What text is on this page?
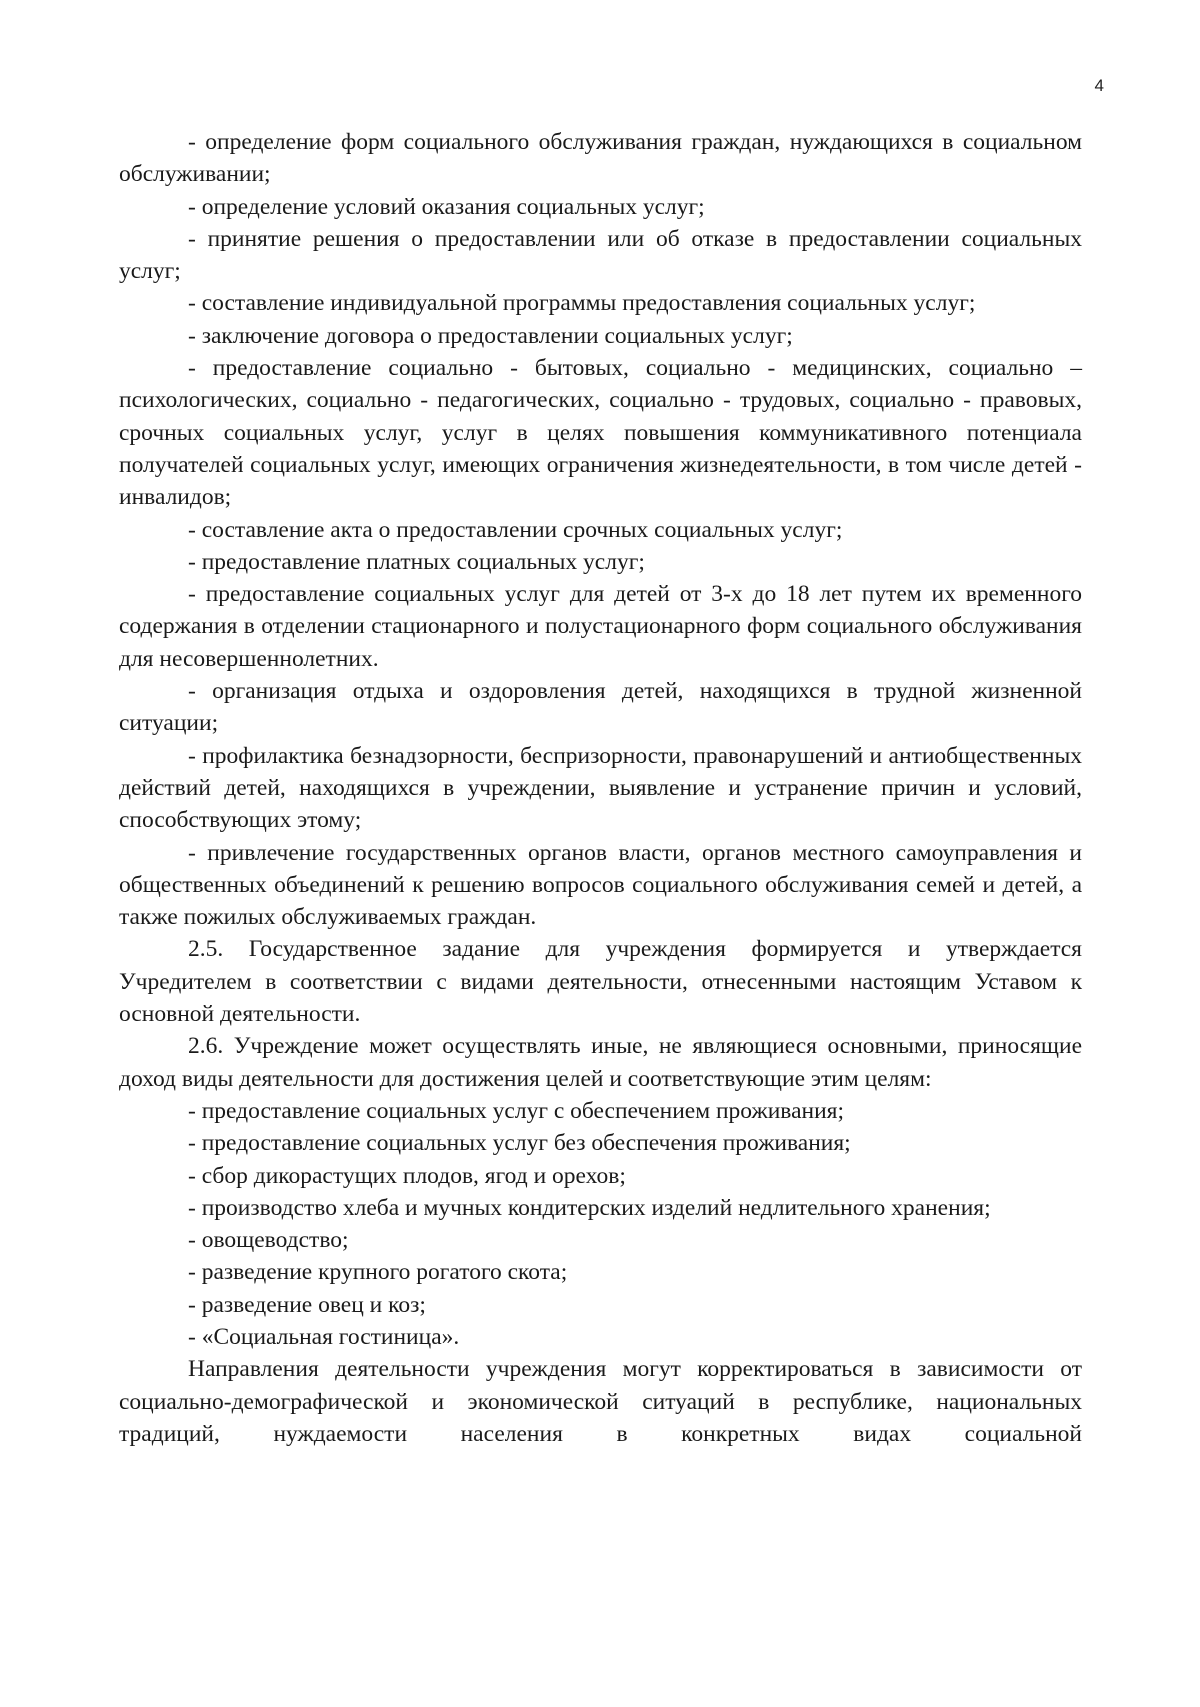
4

- определение форм социального обслуживания граждан, нуждающихся в социальном обслуживании;

- определение условий оказания социальных услуг;

- принятие решения о предоставлении или об отказе в предоставлении социальных услуг;

- составление индивидуальной программы предоставления социальных услуг;

- заключение договора о предоставлении социальных услуг;

- предоставление социально - бытовых, социально - медицинских, социально – психологических, социально - педагогических, социально - трудовых, социально - правовых, срочных социальных услуг, услуг в целях повышения коммуникативного потенциала получателей социальных услуг, имеющих ограничения жизнедеятельности, в том числе детей - инвалидов;

- составление акта о предоставлении срочных социальных услуг;

- предоставление платных социальных услуг;

- предоставление социальных услуг для детей от 3-х до 18 лет путем их временного содержания в отделении стационарного и полустационарного форм социального обслуживания для несовершеннолетних.

- организация отдыха и оздоровления детей, находящихся в трудной жизненной ситуации;

- профилактика безнадзорности, беспризорности, правонарушений и антиобщественных действий детей, находящихся в учреждении, выявление и устранение причин и условий, способствующих этому;

- привлечение государственных органов власти, органов местного самоуправления и общественных объединений к решению вопросов социального обслуживания семей и детей, а также пожилых обслуживаемых граждан.

2.5. Государственное задание для учреждения формируется и утверждается Учредителем в соответствии с видами деятельности, отнесенными настоящим Уставом к основной деятельности.

2.6. Учреждение может осуществлять иные, не являющиеся основными, приносящие доход виды деятельности для достижения целей и соответствующие этим целям:

- предоставление социальных услуг с обеспечением проживания;

- предоставление социальных услуг без обеспечения проживания;

- сбор дикорастущих плодов, ягод и орехов;

- производство хлеба и мучных кондитерских изделий недлительного хранения;

- овощеводство;

- разведение крупного рогатого скота;

- разведение овец и коз;

- «Социальная гостиница».

Направления деятельности учреждения могут корректироваться в зависимости от социально-демографической и экономической ситуаций в республике, национальных традиций, нуждаемости населения в конкретных видах социальной
